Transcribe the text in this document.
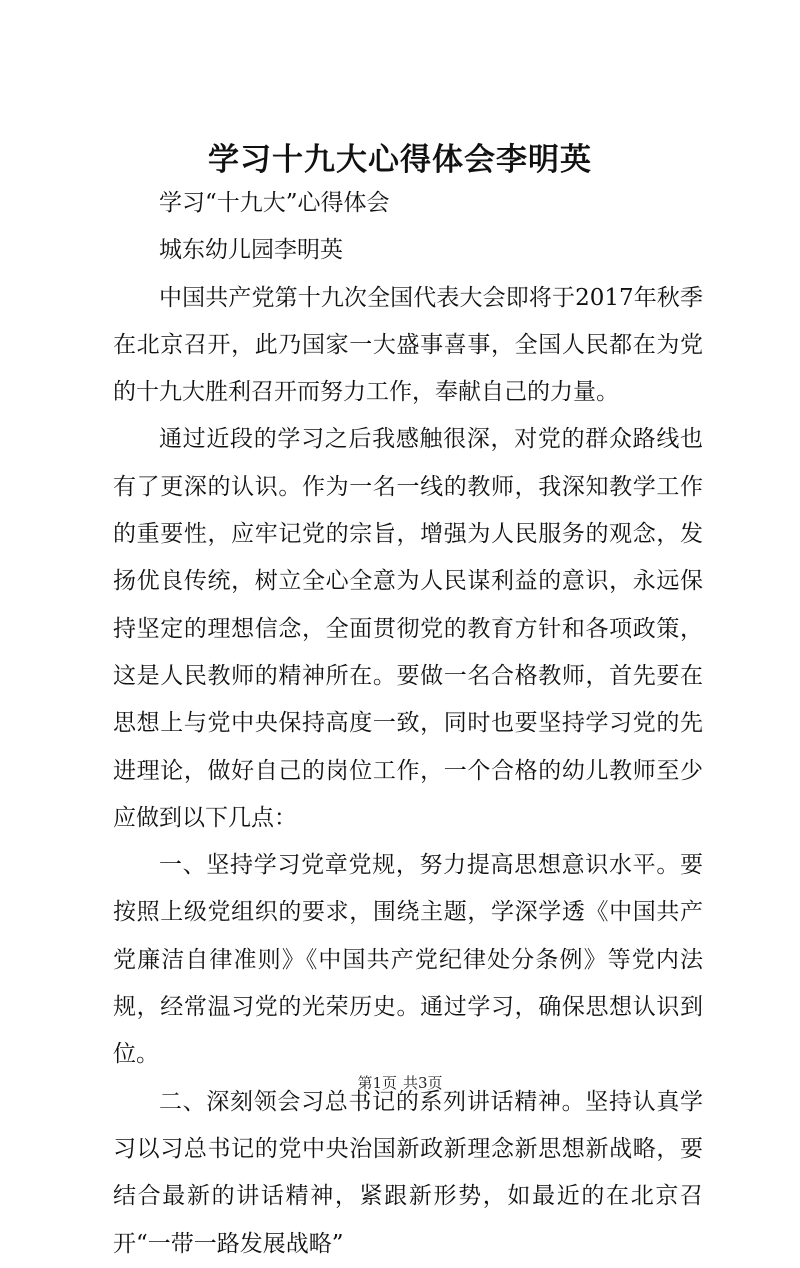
学习十九大心得体会李明英

学习“十九大”心得体会

城东幼儿园李明英

中国共产党第十九次全国代表大会即将于2017年秋季在北京召开，此乃国家一大盛事喜事，全国人民都在为党的十九大胜利召开而努力工作，奉献自己的力量。

通过近段的学习之后我感触很深，对党的群众路线也有了更深的认识。作为一名一线的教师，我深知教学工作的重要性，应牢记党的宗旨，增强为人民服务的观念，发扬优良传统，树立全心全意为人民谋利益的意识，永远保持坚定的理想信念，全面贯彻党的教育方针和各项政策，这是人民教师的精神所在。要做一名合格教师，首先要在思想上与党中央保持高度一致，同时也要坚持学习党的先进理论，做好自己的岗位工作，一个合格的幼儿教师至少应做到以下几点：

一、坚持学习党章党规，努力提高思想意识水平。要按照上级党组织的要求，围绕主题，学深学透《中国共产党廉洁自律准则》《中国共产党纪律处分条例》等党内法规，经常温习党的光荣历史。通过学习，确保思想认识到位。

二、深刻领会习总书记的系列讲话精神。坚持认真学习以习总书记的党中央治国新政新理念新思想新战略，要结合最新的讲话精神，紧跟新形势，如最近的在北京召开“一带一路发展战略”

第1页 共3页
